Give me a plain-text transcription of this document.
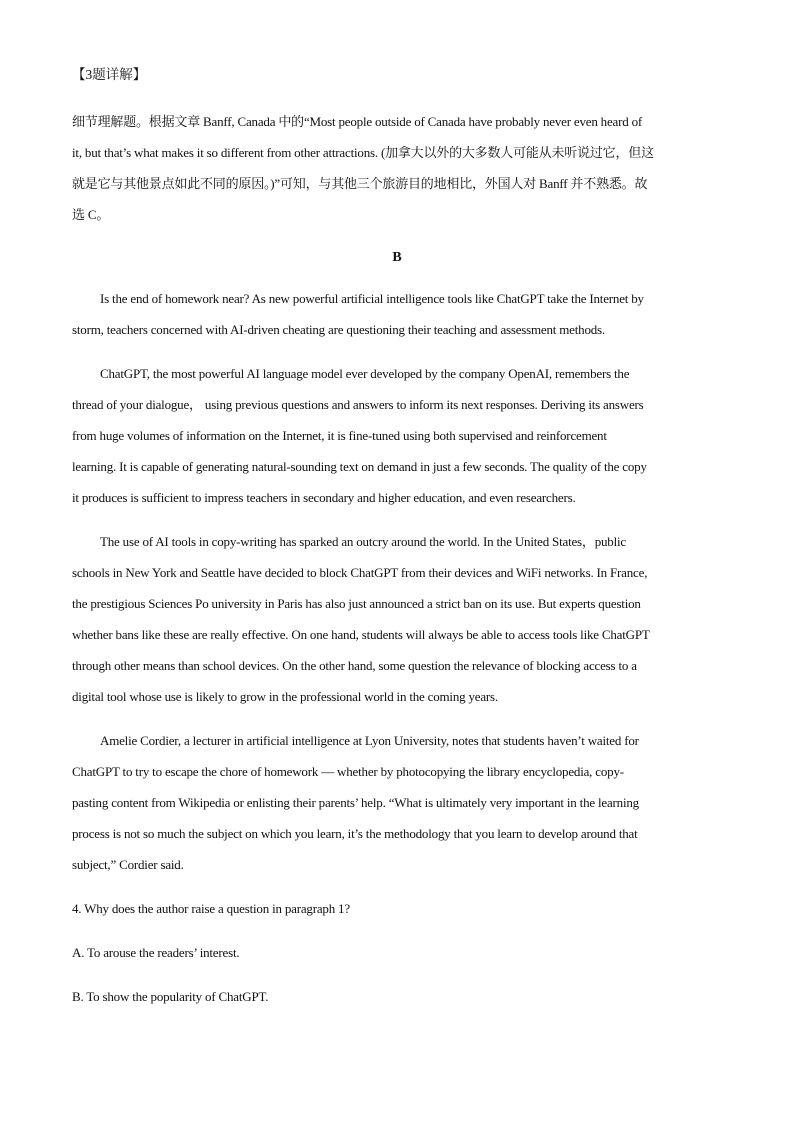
【3题详解】
细节理解题。根据文章 Banff, Canada 中的“Most people outside of Canada have probably never even heard of
it, but that’s what makes it so different from other attractions. (加拿大以外的大多数人可能从未听说过它，但这
就是它与其他景点如此不同的原因。)”可知，与其他三个旅游目的地相比，外国人对 Banff 并不熟悉。故
选 C。
B
Is the end of homework near? As new powerful artificial intelligence tools like ChatGPT take the Internet by
storm, teachers concerned with AI-driven cheating are questioning their teaching and assessment methods.
ChatGPT, the most powerful AI language model ever developed by the company OpenAI, remembers the
thread of your dialogue， using previous questions and answers to inform its next responses. Deriving its answers
from huge volumes of information on the Internet, it is fine-tuned using both supervised and reinforcement
learning. It is capable of generating natural-sounding text on demand in just a few seconds. The quality of the copy
it produces is sufficient to impress teachers in secondary and higher education, and even researchers.
The use of AI tools in copy-writing has sparked an outcry around the world. In the United States，public
schools in New York and Seattle have decided to block ChatGPT from their devices and WiFi networks. In France,
the prestigious Sciences Po university in Paris has also just announced a strict ban on its use. But experts question
whether bans like these are really effective. On one hand, students will always be able to access tools like ChatGPT
through other means than school devices. On the other hand, some question the relevance of blocking access to a
digital tool whose use is likely to grow in the professional world in the coming years.
Amelie Cordier, a lecturer in artificial intelligence at Lyon University, notes that students haven’t waited for
ChatGPT to try to escape the chore of homework — whether by photocopying the library encyclopedia, copy-
pasting content from Wikipedia or enlisting their parents’ help. “What is ultimately very important in the learning
process is not so much the subject on which you learn, it’s the methodology that you learn to develop around that
subject,” Cordier said.
4. Why does the author raise a question in paragraph 1?
A. To arouse the readers’ interest.
B. To show the popularity of ChatGPT.
